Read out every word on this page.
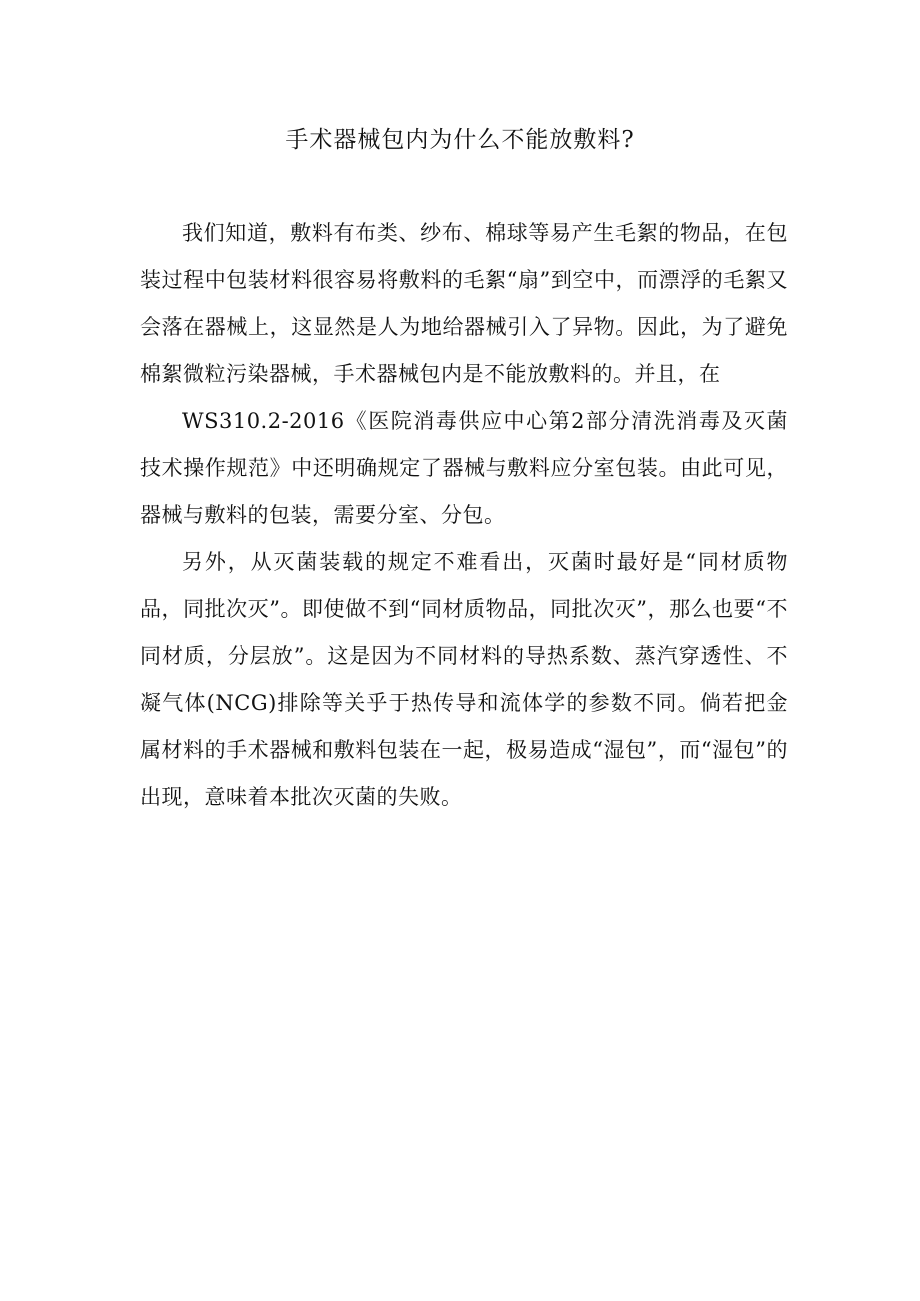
手术器械包内为什么不能放敷料?

我们知道，敷料有布类、纱布、棉球等易产生毛絮的物品，在包装过程中包装材料很容易将敷料的毛絮“扇”到空中，而漂浮的毛絮又会落在器械上，这显然是人为地给器械引入了异物。因此，为了避免棉絮微粒污染器械，手术器械包内是不能放敷料的。并且，在

WS310.2-2016《医院消毒供应中心第2部分清洗消毒及灭菌技术操作规范》中还明确规定了器械与敷料应分室包装。由此可见，器械与敷料的包装，需要分室、分包。

另外，从灭菌装载的规定不难看出，灭菌时最好是“同材质物品，同批次灭”。即使做不到“同材质物品，同批次灭”，那么也要“不同材质，分层放”。这是因为不同材料的导热系数、蒸汽穿透性、不凝气体(NCG)排除等关乎于热传导和流体学的参数不同。倘若把金属材料的手术器械和敷料包装在一起，极易造成“湿包”，而“湿包”的出现，意味着本批次灭菌的失败。
